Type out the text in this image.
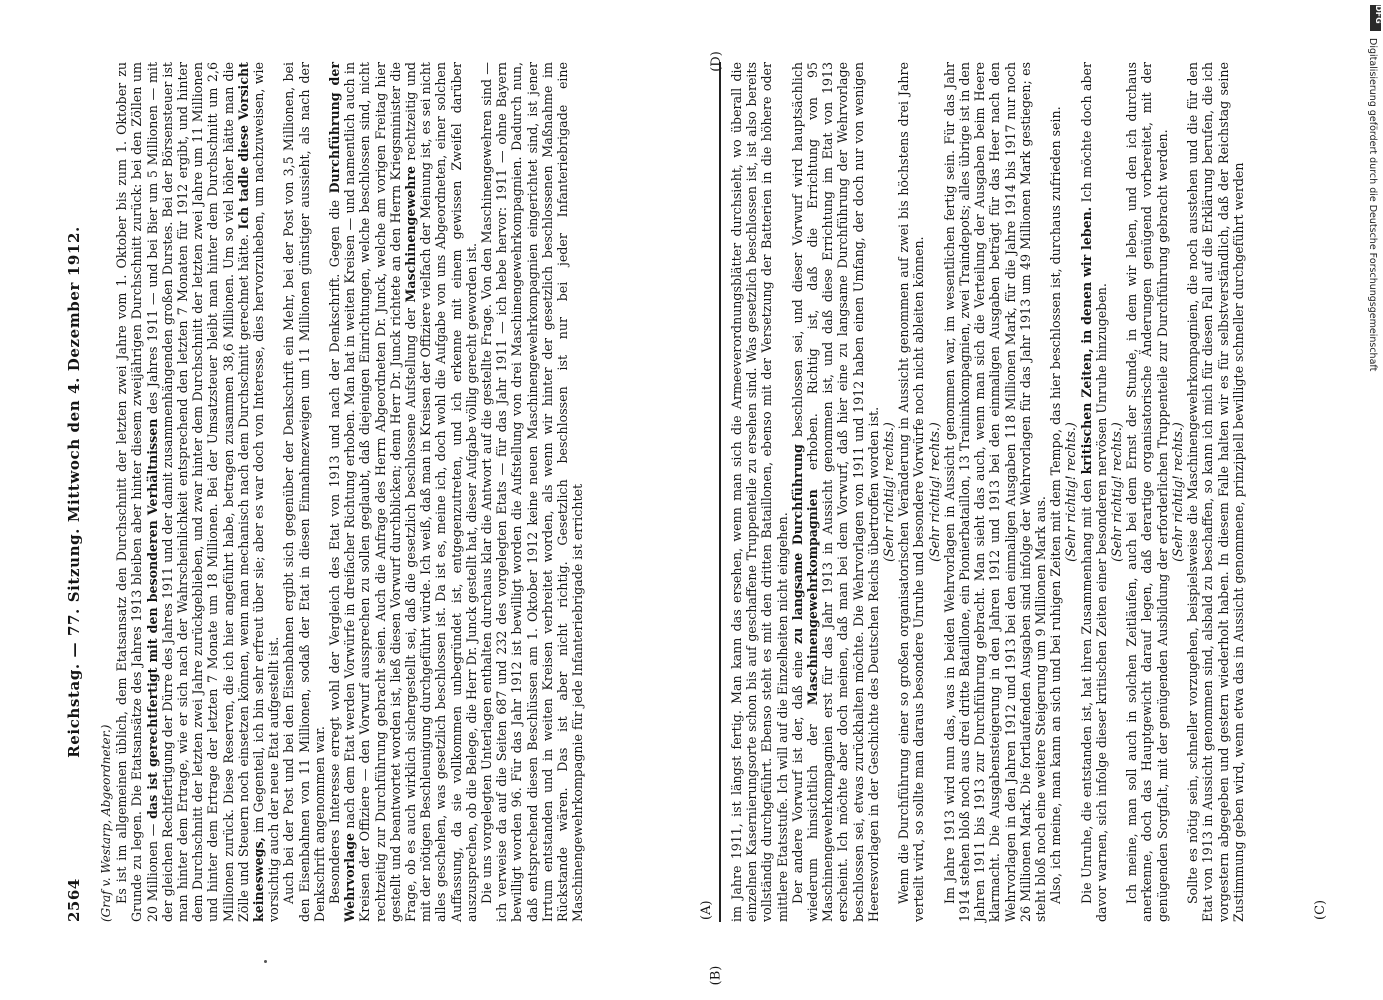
2564
Reichstag. — 77. Sitzung. Mittwoch den 4. Dezember 1912.

(Graf v. Westarp, Abgeordneter.) Es ist im allgemeinen üblich, dem Etatsansatz den Durchschnitt der letzten zwei Jahre vom 1. Oktober bis zum 1. Oktober zu Grunde zu legen. Die Etatsansätze des Jahres 1913 bleiben aber hinter diesem zweijährigen Durchschnitt zurück: bei den Zöllen um 20 Millionen — das ist gerechtfertigt mit den besonderen Verhältnissen des Jahres 1911 — und bei Bier um 5 Millionen — mit der gleichen Rechtfertigung der Dürre des Jahres 1911 und der damit zusammenhängenden großen Durstes. Bei der Börsensteuer ist man hinter dem Ertrage, wie er sich nach der Wahrscheinlichkeit entsprechend den letzten 7 Monaten für 1912 ergibt, und hinter dem Durchschnitt der letzten zwei Jahre zurückgeblieben, und zwar hinter dem Durchschnitt der letzten zwei Jahre um 11 Millionen und hinter dem Ertrage der letzten 7 Monate um 18 Millionen. Bei der Umsatzsteuer bleibt man hinter dem Durchschnitt um 2,6 Millionen zurück. Diese Reserven, die ich hier angeführt habe, betragen zusammen 38,6 Millionen. Um so viel höher hätte man die Zölle und Steuern noch einsetzen können, wenn man mechanisch nach dem Durchschnitt gerechnet hätte. Ich tadle diese Vorsicht keineswegs, im Gegenteil, ich bin sehr erfreut über sie; aber es war doch von Interesse, dies hervorzuheben, um nachzuweisen, wie vorsichtig auch der neue Etat aufgestellt ist. Auch bei der Post und bei den Eisenbahnen ergibt sich gegenüber der Denkschrift ein Mehr, bei der Post von 3,5 Millionen, bei den Eisenbahnen von 11 Millionen, sodaß der Etat in diesen Einnahmezweigen um 11 Millionen günstiger aussieht, als nach der Denkschrift angenommen war. Besonderes Interesse erregt wohl der Vergleich des Etat von 1913 und nach der Denkschrift. Gegen die Durchführung der Wehrvorlage nach dem Etat werden Vorwürfe in dreifacher Richtung erhoben. Man hat in weiten Kreisen — und namentlich auch in Kreisen der Offiziere — den Vorwurf aussprechen zu sollen geglaubt, daß diejenigen Einrichtungen, welche beschlossen sind, nicht rechtzeitig zur Durchführung gebracht seien. Auch die Anfrage des Herrn Abgeordneten Dr. Junck, welche am vorigen Freitag hier gestellt und beantwortet worden ist, ließ diesen Vorwurf durchblicken; denn Herr Dr. Junck richtete an den Herrn Kriegsminister die Frage, ob es auch wirklich sichergestellt sei, daß die gesetzlich beschlossene Aufstellung der Maschinengewehre rechtzeitig und mit der nötigen Beschleunigung durchgeführt würde. Ich weiß, daß man in Kreisen der Offiziere vielfach der Meinung ist, es sei nicht alles geschehen, was gesetzlich beschlossen ist. Da ist es, meine ich, doch wohl die Aufgabe von uns Abgeordneten, einer solchen Auffassung, da sie vollkommen unbegründet ist, entgegenzutreten, und ich erkenne mit einem gewissen Zweifel darüber auszusprechen, ob die Belege, die Herr Dr. Junck gestellt hat, dieser Aufgabe völlig gerecht geworden ist. Die uns vorgelegten Unterlagen enthalten durchaus klar die Antwort auf die gestellte Frage. Von den Maschinengewehren sind — ich verweise da auf die Seiten 687 und 232 des vorgelegten Etats — für das Jahr 1911 — ich hebe hervor: 1911 — ohne Bayern bewilligt worden 96. Für das Jahr 1912 ist bewilligt worden die Aufstellung von drei Maschinengewehrkompagnien. Dadurch nun, daß entsprechend diesen Beschlüssen am 1. Oktober 1912 keine neuen Maschinengewehrkompagnien eingerichtet sind, ist jener Irrtum entstanden und in weiten Kreisen verbreitet worden, als wenn wir hinter der gesetzlich beschlossenen Maßnahme im Rückstande wären. Das ist aber nicht richtig. Gesetzlich beschlossen ist nur bei jeder Infanteriebrigade eine Maschinengewehrkompagnie für jede Infanteriebrigade ist errichtet	im Jahre 1911, ist längst fertig. Man kann das ersehen, wenn man sich die Armeeverordnungsblätter durchsieht, wo überall die einzelnen Kasernierungsorte schon bis auf geschaffene Truppenteile zu ersehen sind. Was gesetzlich beschlossen ist, ist also bereits vollständig durchgeführt. Ebenso steht es mit den dritten Bataillonen, ebenso mit der Versetzung der Batterien in die höhere oder mittlere Etatsstufe. Ich will auf die Einzelheiten nicht eingehen. Der andere Vorwurf ist der, daß eine zu langsame Durchführung beschlossen sei, und dieser Vorwurf wird hauptsächlich wiederum hinsichtlich der Maschinengewehrkompagnien erhoben. Richtig ist, daß die Errichtung von 95 Maschinengewehrkompagnien erst für das Jahr 1913 in Aussicht genommen ist, und daß diese Errichtung im Etat von 1913 erscheint. Ich möchte aber doch meinen, daß man bei dem Vorwurf, daß hier eine zu langsame Durchführung der Wehrvorlage beschlossen sei, etwas zurückhalten möchte. Die Wehrvorlagen von 1911 und 1912 haben einen Umfang, der doch nur von wenigen Heeresvorlagen in der Geschichte des Deutschen Reichs übertroffen worden ist. (Sehr richtig! rechts.) Wenn die Durchführung einer so großen organisatorischen Veränderung in Aussicht genommen auf zwei bis höchstens drei Jahre verteilt wird, so sollte man daraus besondere Unruhe und besondere Vorwürfe noch nicht ableiten können. (Sehr richtig! rechts.) Im Jahre 1913 wird nun das, was in beiden Wehrvorlagen in Aussicht genommen war, im wesentlichen fertig sein. Für das Jahr 1914 stehen bloß noch aus drei dritte Bataillone, ein Pionierbataillon, 13 Traininkompagnien, zwei Traindepots; alles übrige ist in den Jahren 1911 bis 1913 zur Durchführung gebracht. Man sieht das auch, wenn man sich die Verteilung der Ausgaben beim Heere klarmacht. Die Ausgabensteigerung in den Jahren 1912 und 1913 bei den einmaligen Ausgaben beträgt für das Heer nach den Wehrvorlagen in den Jahren 1912 und 1913 bei den einmaligen Ausgaben 118 Millionen Mark, für die Jahre 1914 bis 1917 nur noch 26 Millionen Mark. Die fortlaufenden Ausgaben sind infolge der Wehrvorlagen für das Jahr 1913 um 49 Millionen Mark gestiegen; es steht bloß noch eine weitere Steigerung um 9 Millionen Mark aus. Also, ich meine, man kann an sich und bei ruhigen Zeiten mit dem Tempo, das hier beschlossen ist, durchaus zufrieden sein. (Sehr richtig! rechts.) Die Unruhe, die entstanden ist, hat ihren Zusammenhang mit den kritischen Zeiten, in denen wir leben. Ich möchte doch aber davor warnen, sich infolge dieser kritischen Zeiten einer besonderen nervösen Unruhe hinzugeben. (Sehr richtig! rechts.) Ich meine, man soll auch in solchen Zeitläufen, auch bei dem Ernst der Stunde, in dem wir leben, und den ich durchaus anerkenne, doch das Hauptgewicht darauf legen, daß derartige organisatorische Änderungen genügend vorbereitet, mit der genügenden Sorgfalt, mit der genügenden Ausbildung der erforderlichen Truppenteile zur Durchführung gebracht werden. (Sehr richtig! rechts.) Sollte es nötig sein, schneller vorzugehen, beispielsweise die Maschinengewehrkompagnien, die noch ausstehen und die für den Etat von 1913 in Aussicht genommen sind, alsbald zu beschaffen, so kann ich mich für diesen Fall auf die Erklärung berufen, die ich vorgestern abgegeben und gestern wiederholt haben. In diesem Falle halten wir es für selbstverständlich, daß der Reichstag seine Zustimmung geben wird, wenn etwa das in Aussicht genommene, prinzipiell bewilligte schneller durchgeführt werden

(A)	(C)
(B)
(D)
DFG
Digitalisierung gefördert durch die Deutsche Forschungsgemeinschaft
